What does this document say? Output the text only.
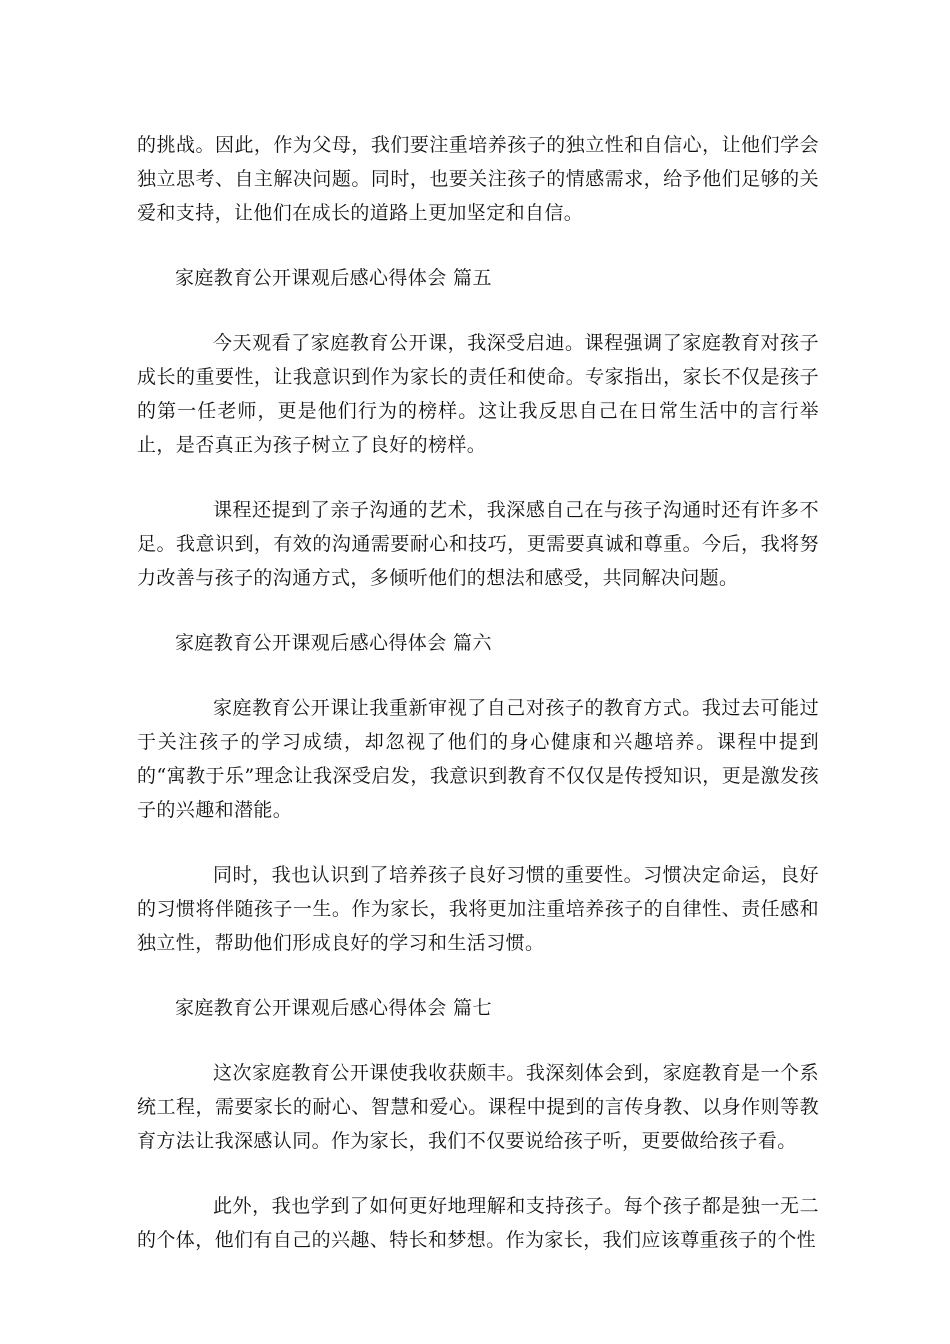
的挑战。因此，作为父母，我们要注重培养孩子的独立性和自信心，让他们学会独立思考、自主解决问题。同时，也要关注孩子的情感需求，给予他们足够的关爱和支持，让他们在成长的道路上更加坚定和自信。

家庭教育公开课观后感心得体会 篇五

今天观看了家庭教育公开课，我深受启迪。课程强调了家庭教育对孩子成长的重要性，让我意识到作为家长的责任和使命。专家指出，家长不仅是孩子的第一任老师，更是他们行为的榜样。这让我反思自己在日常生活中的言行举止，是否真正为孩子树立了良好的榜样。

课程还提到了亲子沟通的艺术，我深感自己在与孩子沟通时还有许多不足。我意识到，有效的沟通需要耐心和技巧，更需要真诚和尊重。今后，我将努力改善与孩子的沟通方式，多倾听他们的想法和感受，共同解决问题。

家庭教育公开课观后感心得体会 篇六

家庭教育公开课让我重新审视了自己对孩子的教育方式。我过去可能过于关注孩子的学习成绩，却忽视了他们的身心健康和兴趣培养。课程中提到的“寓教于乐”理念让我深受启发，我意识到教育不仅仅是传授知识，更是激发孩子的兴趣和潜能。

同时，我也认识到了培养孩子良好习惯的重要性。习惯决定命运，良好的习惯将伴随孩子一生。作为家长，我将更加注重培养孩子的自律性、责任感和独立性，帮助他们形成良好的学习和生活习惯。

家庭教育公开课观后感心得体会 篇七

这次家庭教育公开课使我收获颇丰。我深刻体会到，家庭教育是一个系统工程，需要家长的耐心、智慧和爱心。课程中提到的言传身教、以身作则等教育方法让我深感认同。作为家长，我们不仅要说给孩子听，更要做给孩子看。

此外，我也学到了如何更好地理解和支持孩子。每个孩子都是独一无二的个体，他们有自己的兴趣、特长和梦想。作为家长，我们应该尊重孩子的个性
